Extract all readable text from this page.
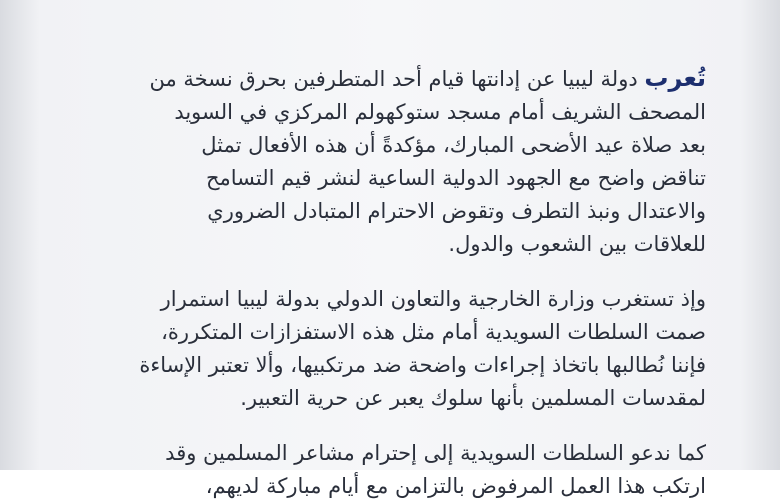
تُعرب دولة ليبيا عن إدانتها قيام أحد المتطرفين بحرق نسخة من
المصحف الشريف أمام مسجد ستوكهولم المركزي في السويد
بعد صلاة عيد الأضحى المبارك، مؤكدةً أن هذه الأفعال تمثل
تناقض واضح مع الجهود الدولية الساعية لنشر قيم التسامح
والاعتدال ونبذ التطرف وتقوض الاحترام المتبادل الضروري
للعلاقات بين الشعوب والدول.

وإذ تستغرب وزارة الخارجية والتعاون الدولي بدولة ليبيا استمرار
صمت السلطات السويدية أمام مثل هذه الاستفزازات المتكررة،
فإننا نُطالبها باتخاذ إجراءات واضحة ضد مرتكبيها، وألا تعتبر الإساءة
لمقدسات المسلمين بأنها سلوك يعبر عن حرية التعبير.

كما ندعو السلطات السويدية إلى إحترام مشاعر المسلمين وقد
ارتكب هذا العمل المرفوض بالتزامن مع أيام مباركة لديهم،
